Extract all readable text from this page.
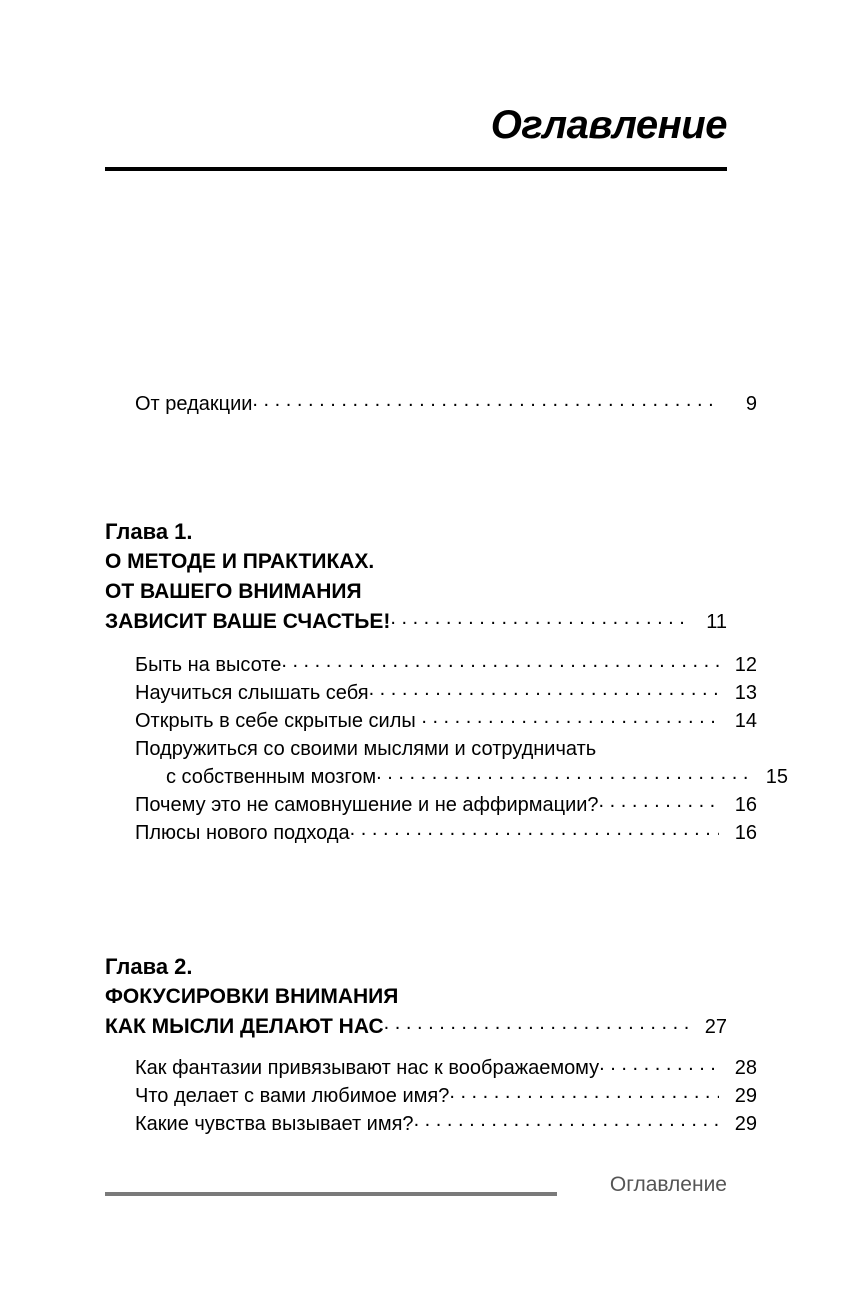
Оглавление
От редакции . . .	9
Глава 1.
О МЕТОДЕ И ПРАКТИКАХ.
ОТ ВАШЕГО ВНИМАНИЯ
ЗАВИСИТ ВАШЕ СЧАСТЬЕ! . . .	11
Быть на высоте . . .	12
Научиться слышать себя . . .	13
Открыть в себе скрытые силы . . .	14
Подружиться со своими мыслями и сотрудничать
с собственным мозгом . . .	15
Почему это не самовнушение и не аффирмации? . . .	16
Плюсы нового подхода . . .	16
Глава 2.
ФОКУСИРОВКИ ВНИМАНИЯ
КАК МЫСЛИ ДЕЛАЮТ НАС . . .	27
Как фантазии привязывают нас к воображаемому . . .	28
Что делает с вами любимое имя? . . .	29
Какие чувства вызывает имя? . . .	29
Оглавление
